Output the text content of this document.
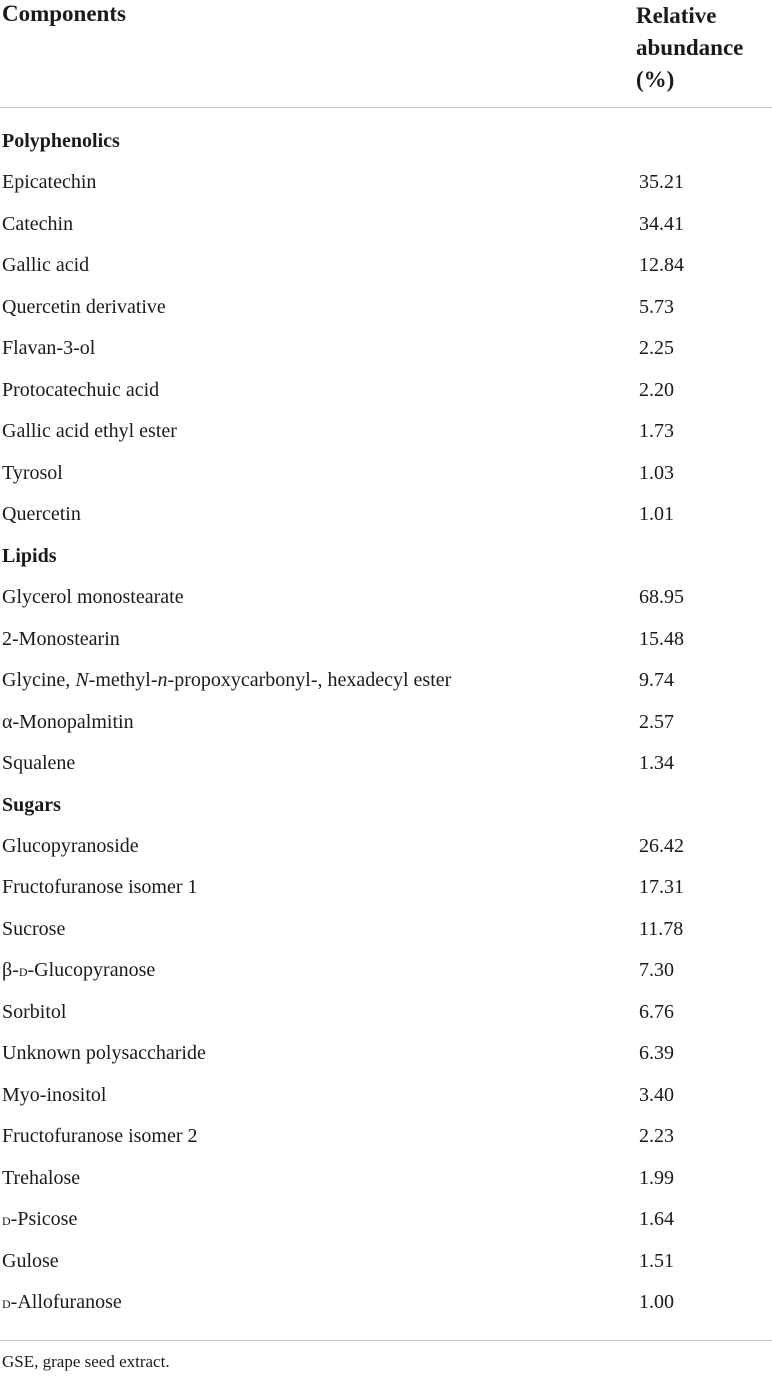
Components	Relative abundance (%)
Polyphenolics
Epicatechin	35.21
Catechin	34.41
Gallic acid	12.84
Quercetin derivative	5.73
Flavan-3-ol	2.25
Protocatechuic acid	2.20
Gallic acid ethyl ester	1.73
Tyrosol	1.03
Quercetin	1.01
Lipids
Glycerol monostearate	68.95
2-Monostearin	15.48
Glycine, N-methyl-n-propoxycarbonyl-, hexadecyl ester	9.74
α-Monopalmitin	2.57
Squalene	1.34
Sugars
Glucopyranoside	26.42
Fructofuranose isomer 1	17.31
Sucrose	11.78
β-d-Glucopyranose	7.30
Sorbitol	6.76
Unknown polysaccharide	6.39
Myo-inositol	3.40
Fructofuranose isomer 2	2.23
Trehalose	1.99
d-Psicose	1.64
Gulose	1.51
d-Allofuranose	1.00
GSE, grape seed extract.
